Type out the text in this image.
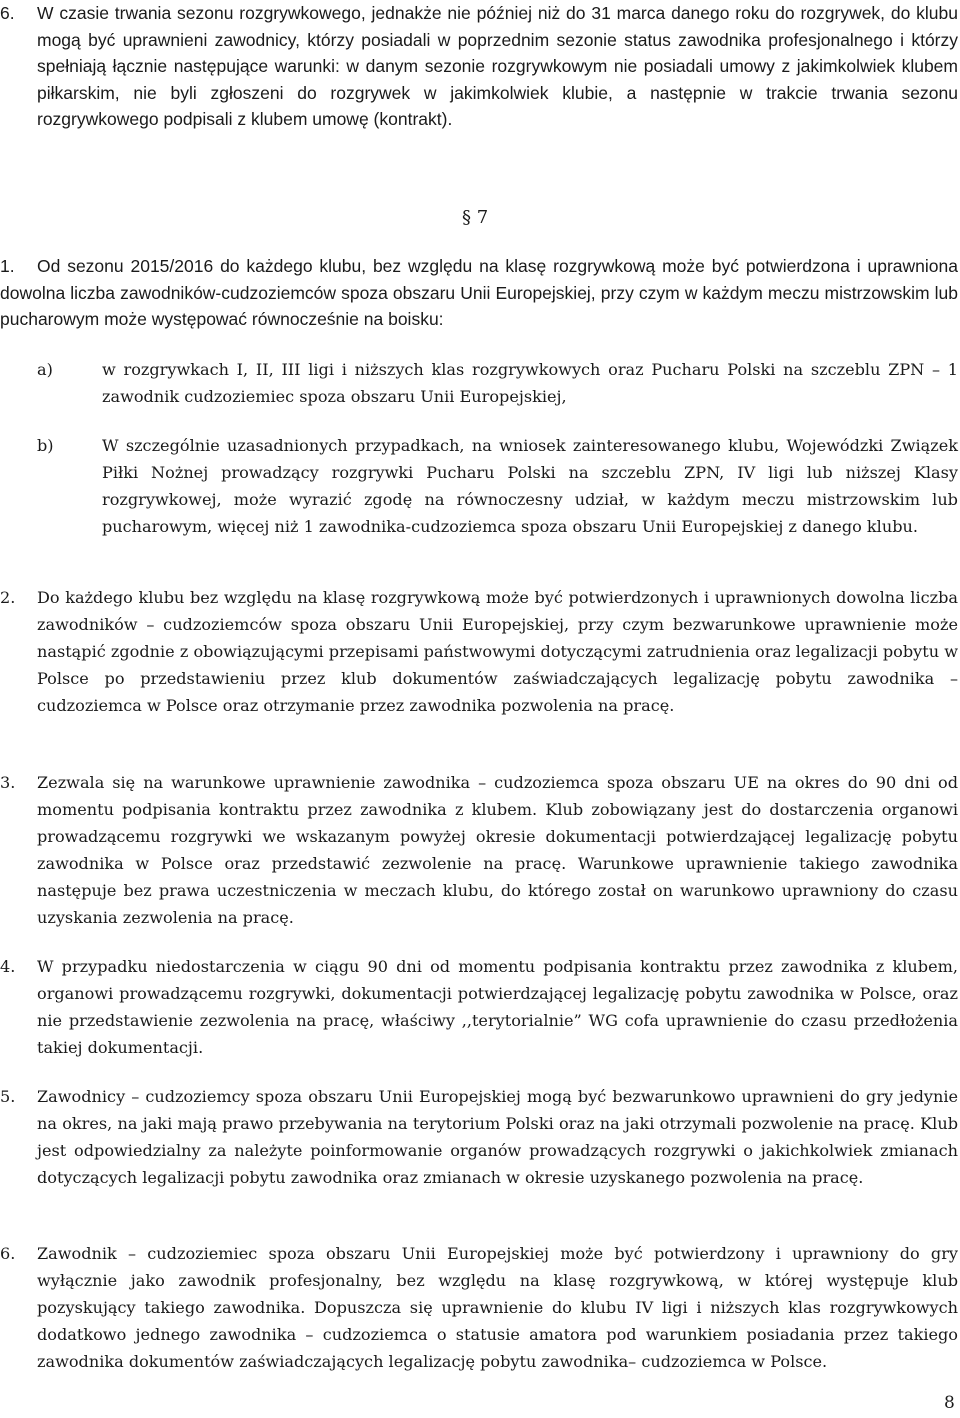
6. W czasie trwania sezonu rozgrywkowego, jednakże nie później niż do 31 marca danego roku do rozgrywek, do klubu mogą być uprawnieni zawodnicy, którzy posiadali w poprzednim sezonie status zawodnika profesjonalnego i którzy spełniają łącznie następujące warunki: w danym sezonie rozgrywkowym nie posiadali umowy z jakimkolwiek klubem piłkarskim, nie byli zgłoszeni do rozgrywek w jakimkolwiek klubie, a następnie w trakcie trwania sezonu rozgrywkowego podpisali z klubem umowę (kontrakt).

§ 7

1.	Od sezonu 2015/2016 do każdego klubu, bez względu na klasę rozgrywkową może być potwierdzona i uprawniona dowolna liczba zawodników-cudzoziemców spoza obszaru Unii Europejskiej, przy czym w każdym meczu mistrzowskim lub pucharowym może występować równocześnie na boisku:

a)	w rozgrywkach I, II, III ligi i niższych klas rozgrywkowych oraz Pucharu Polski na szczeblu ZPN – 1 zawodnik cudzoziemiec spoza obszaru Unii Europejskiej,

b)	W szczególnie uzasadnionych przypadkach, na wniosek zainteresowanego klubu, Wojewódzki Związek Piłki Nożnej prowadzący rozgrywki Pucharu Polski na szczeblu ZPN, IV ligi lub niższej Klasy rozgrywkowej, może wyrazić zgodę na równoczesny udział, w każdym meczu mistrzowskim lub pucharowym, więcej niż 1 zawodnika-cudzoziemca spoza obszaru Unii Europejskiej z danego klubu.

2. Do każdego klubu bez względu na klasę rozgrywkową może być potwierdzonych i uprawnionych dowolna liczba zawodników – cudzoziemców spoza obszaru Unii Europejskiej, przy czym bezwarunkowe uprawnienie może nastąpić zgodnie z obowiązującymi przepisami państwowymi dotyczącymi zatrudnienia oraz legalizacji pobytu w Polsce po przedstawieniu przez klub dokumentów zaświadczających legalizację pobytu zawodnika – cudzoziemca w Polsce oraz otrzymanie przez zawodnika pozwolenia na pracę.

3. Zezwala się na warunkowe uprawnienie zawodnika – cudzoziemca spoza obszaru UE na okres do 90 dni od momentu podpisania kontraktu przez zawodnika z klubem. Klub zobowiązany jest do dostarczenia organowi prowadzącemu rozgrywki we wskazanym powyżej okresie dokumentacji potwierdzającej legalizację pobytu zawodnika w Polsce oraz przedstawić zezwolenie na pracę. Warunkowe uprawnienie takiego zawodnika następuje bez prawa uczestniczenia w meczach klubu, do którego został on warunkowo uprawniony do czasu uzyskania zezwolenia na pracę.

4. W przypadku niedostarczenia w ciągu 90 dni od momentu podpisania kontraktu przez zawodnika z klubem, organowi prowadzącemu rozgrywki, dokumentacji potwierdzającej legalizację pobytu zawodnika w Polsce, oraz nie przedstawienie zezwolenia na pracę, właściwy ,,terytorialnie” WG cofa uprawnienie do czasu przedłożenia takiej dokumentacji.

5. Zawodnicy – cudzoziemcy spoza obszaru Unii Europejskiej mogą być bezwarunkowo uprawnieni do gry jedynie na okres, na jaki mają prawo przebywania na terytorium Polski oraz na jaki otrzymali pozwolenie na pracę. Klub jest odpowiedzialny za należyte poinformowanie organów prowadzących rozgrywki o jakichkolwiek zmianach dotyczących legalizacji pobytu zawodnika oraz zmianach w okresie uzyskanego pozwolenia na pracę.

6. Zawodnik – cudzoziemiec spoza obszaru Unii Europejskiej może być potwierdzony i uprawniony do gry wyłącznie jako zawodnik profesjonalny, bez względu na klasę rozgrywkową, w której występuje klub pozyskujący takiego zawodnika. Dopuszcza się uprawnienie do klubu IV ligi i niższych klas rozgrywkowych dodatkowo jednego zawodnika – cudzoziemca o statusie amatora pod warunkiem posiadania przez takiego zawodnika dokumentów zaświadczających legalizację pobytu zawodnika– cudzoziemca w Polsce.

8
